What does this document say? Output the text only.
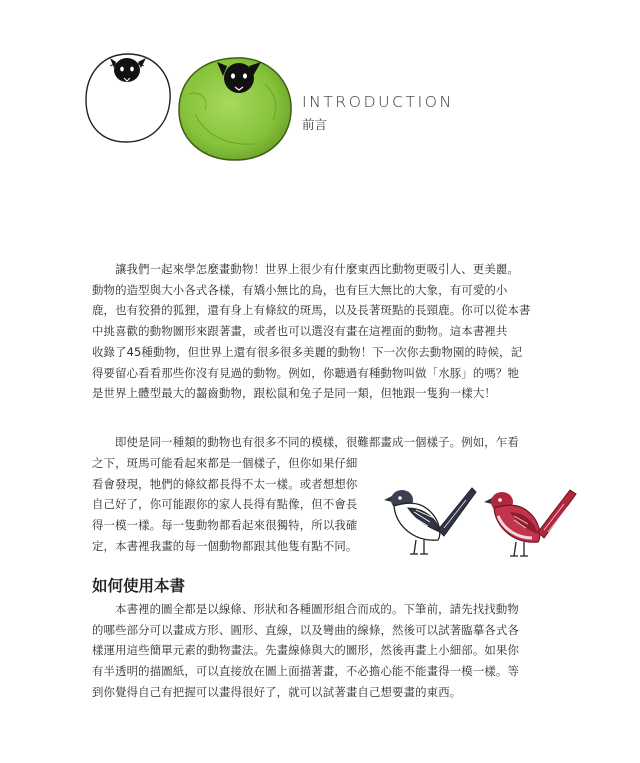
INTRODUCTION
前言

讓我們一起來學怎麼畫動物！世界上很少有什麼東西比動物更吸引人、更美麗。
動物的造型與大小各式各樣，有矯小無比的鳥，也有巨大無比的大象，有可愛的小
鹿，也有狡猾的狐狸，還有身上有條紋的斑馬，以及長著斑點的長頸鹿。你可以從本書
中挑喜歡的動物圖形來跟著畫，或者也可以選沒有畫在這裡面的動物。這本書裡共
收錄了45種動物，但世界上還有很多很多美麗的動物！下一次你去動物園的時候，記
得要留心看看那些你沒有見過的動物。例如，你聽過有種動物叫做「水豚」的嗎？牠
是世界上體型最大的齧齒動物，跟松鼠和兔子是同一類，但牠跟一隻狗一樣大！

即使是同一種類的動物也有很多不同的模樣，很難都畫成一個樣子。例如，乍看

之下，斑馬可能看起來都是一個樣子，但你如果仔細
看會發現，牠們的條紋都長得不太一樣。或者想想你
自己好了，你可能跟你的家人長得有點像，但不會長
得一模一樣。每一隻動物都看起來很獨特，所以我確
定，本書裡我畫的每一個動物都跟其他隻有點不同。

如何使用本書

本書裡的圖全都是以線條、形狀和各種圖形組合而成的。下筆前，請先找找動物
的哪些部分可以畫成方形、圓形、直線，以及彎曲的線條，然後可以試著臨摹各式各
樣運用這些簡單元素的動物畫法。先畫線條與大的圖形，然後再畫上小細部。如果你
有半透明的描圖紙，可以直接放在圖上面描著畫，不必擔心能不能畫得一模一樣。等
到你覺得自己有把握可以畫得很好了，就可以試著畫自己想要畫的東西。
